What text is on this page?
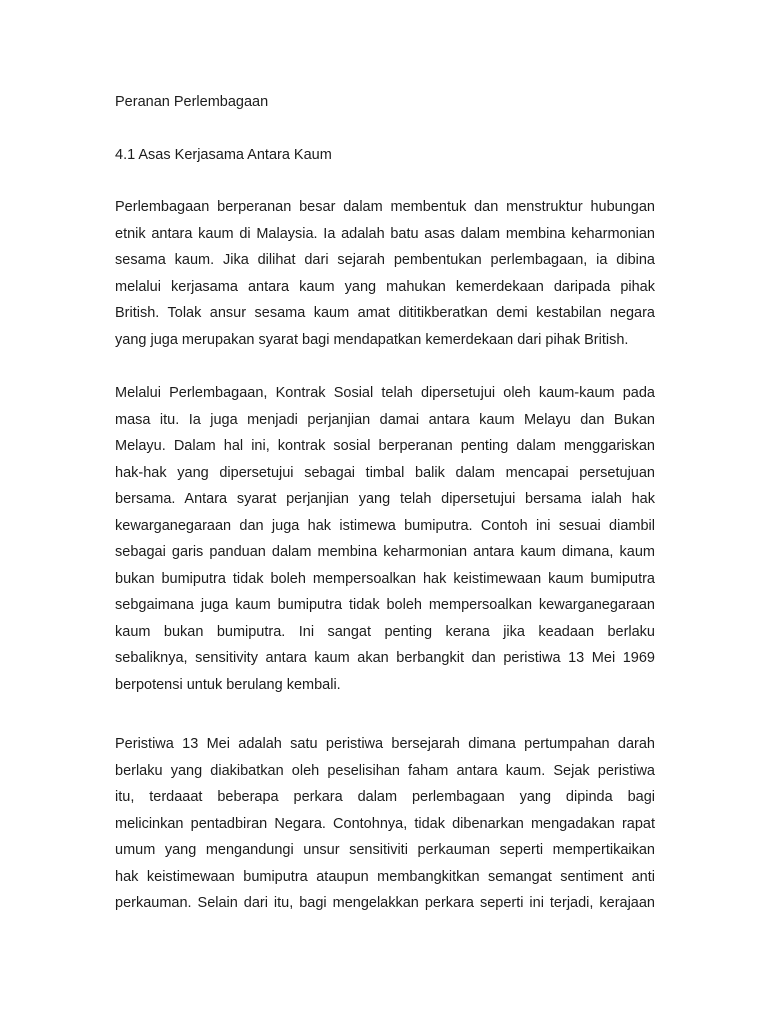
Peranan Perlembagaan
4.1 Asas Kerjasama Antara Kaum

Perlembagaan berperanan besar dalam membentuk dan menstruktur hubungan
etnik antara kaum di Malaysia. Ia adalah batu asas dalam membina keharmonian
sesama kaum. Jika dilihat dari sejarah pembentukan perlembagaan, ia dibina
melalui kerjasama antara kaum yang mahukan kemerdekaan daripada pihak
British. Tolak ansur sesama kaum amat dititikberatkan demi kestabilan negara
yang juga merupakan syarat bagi mendapatkan kemerdekaan dari pihak British.

Melalui Perlembagaan, Kontrak Sosial telah dipersetujui oleh kaum-kaum pada
masa itu. Ia juga menjadi perjanjian damai antara kaum Melayu dan Bukan
Melayu. Dalam hal ini, kontrak sosial berperanan penting dalam menggariskan
hak-hak yang dipersetujui sebagai timbal balik dalam mencapai persetujuan
bersama. Antara syarat perjanjian yang telah dipersetujui bersama ialah hak
kewarganegaraan dan juga hak istimewa bumiputra. Contoh ini sesuai diambil
sebagai garis panduan dalam membina keharmonian antara kaum dimana, kaum
bukan bumiputra tidak boleh mempersoalkan hak keistimewaan kaum bumiputra
sebgaimana juga kaum bumiputra tidak boleh mempersoalkan kewarganegaraan
kaum bukan bumiputra. Ini sangat penting kerana jika keadaan berlaku
sebaliknya, sensitivity antara kaum akan berbangkit dan peristiwa 13 Mei 1969
berpotensi untuk berulang kembali.

Peristiwa 13 Mei adalah satu peristiwa bersejarah dimana pertumpahan darah
berlaku yang diakibatkan oleh peselisihan faham antara kaum. Sejak peristiwa
itu, terdaaat beberapa perkara dalam perlembagaan yang dipinda bagi
melicinkan pentadbiran Negara. Contohnya, tidak dibenarkan mengadakan rapat
umum yang mengandungi unsur sensitiviti perkauman seperti mempertikaikan
hak keistimewaan bumiputra ataupun membangkitkan semangat sentiment anti
perkauman. Selain dari itu, bagi mengelakkan perkara seperti ini terjadi, kerajaan
